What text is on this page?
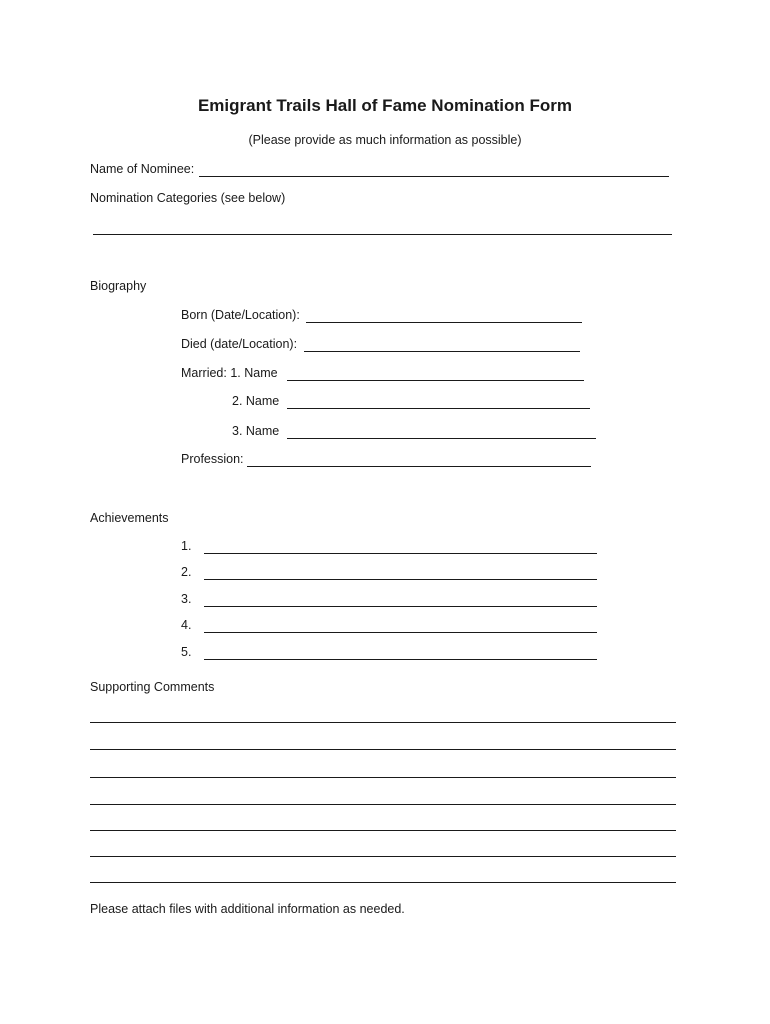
Emigrant Trails Hall of Fame Nomination Form
(Please provide as much information as possible)
Name of Nominee:
Nomination Categories (see below)
Biography
Born (Date/Location):
Died (date/Location):
Married: 1. Name
2. Name
3. Name
Profession:
Achievements
1.
2.
3.
4.
5.
Supporting Comments
Please attach files with additional information as needed.
